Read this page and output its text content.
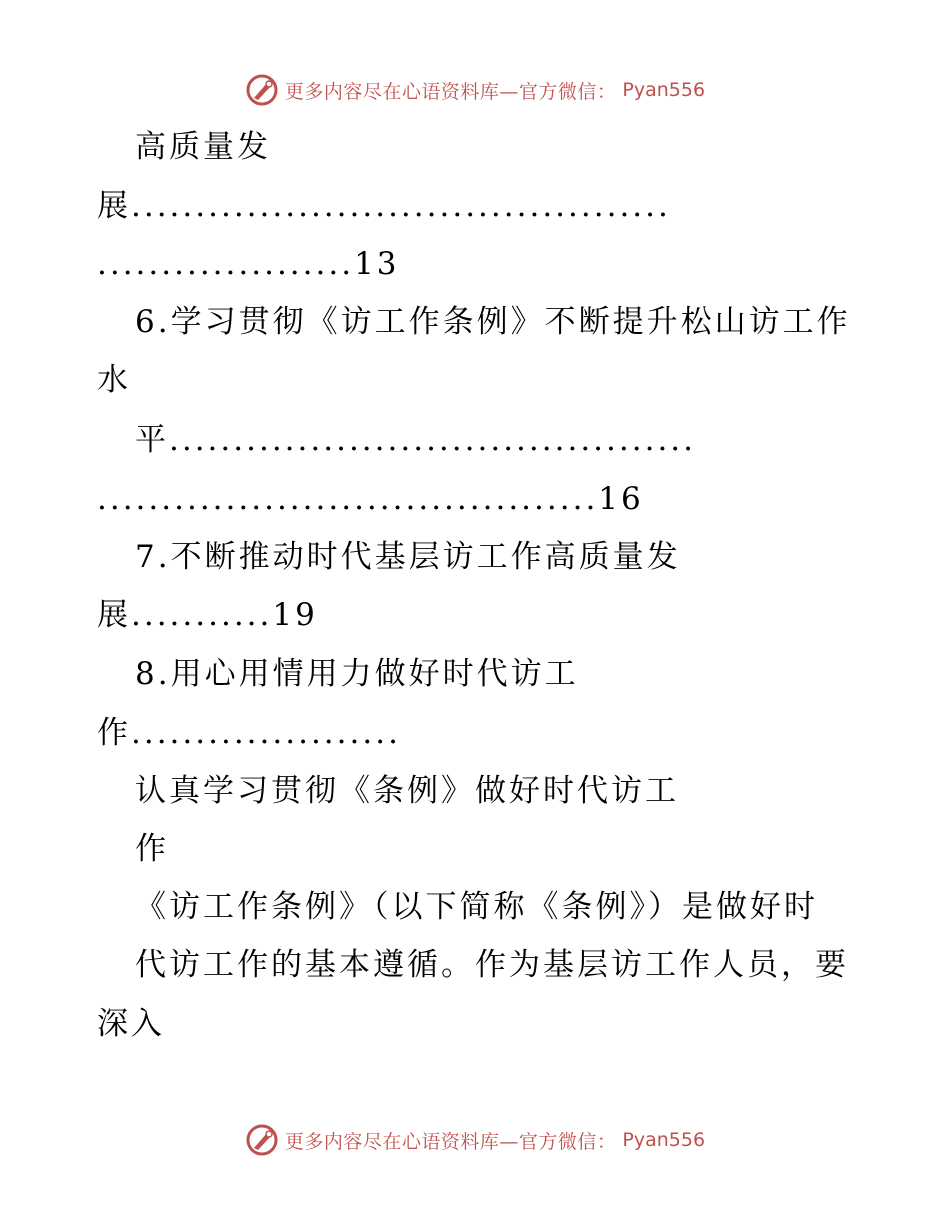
更多内容尽在心语资料库—官方微信： Pyan556
高质量发
展..........................................
....................13
6.学习贯彻《访工作条例》不断提升松山访工作
水
平.........................................
.......................................16
7.不断推动时代基层访工作高质量发
展...........19
8.用心用情用力做好时代访工
作.....................
认真学习贯彻《条例》做好时代访工
作
《访工作条例》（以下简称《条例》）是做好时
代访工作的基本遵循。作为基层访工作人员，要
深入
更多内容尽在心语资料库—官方微信： Pyan556
